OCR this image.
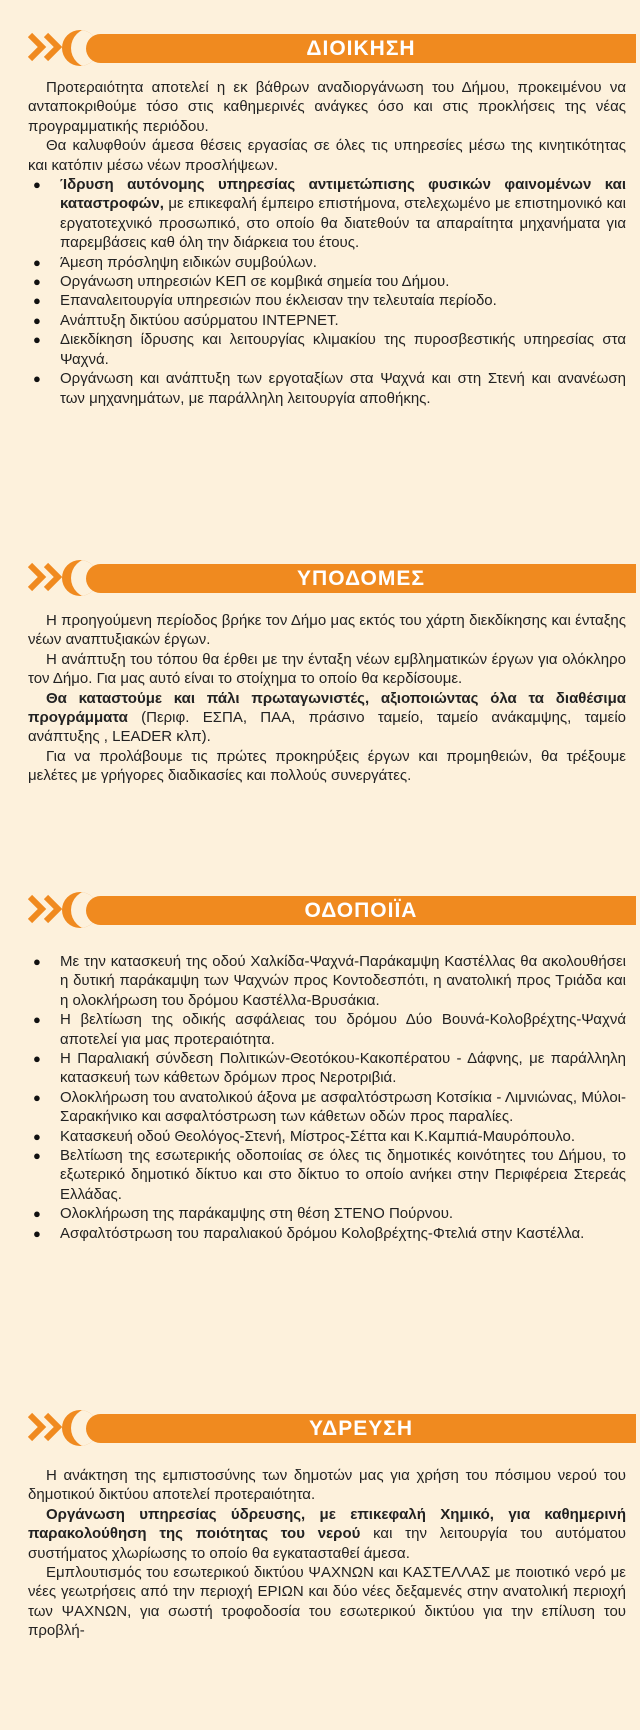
ΔΙΟΙΚΗΣΗ

Προτεραιότητα αποτελεί η εκ βάθρων αναδιοργάνωση του Δήμου, προκειμένου να ανταποκριθούμε τόσο στις καθημερινές ανάγκες όσο και στις προκλήσεις της νέας προγραμματικής περιόδου.

Θα καλυφθούν άμεσα θέσεις εργασίας σε όλες τις υπηρεσίες μέσω της κινητικότητας και κατόπιν μέσω νέων προσλήψεων.

● Ίδρυση αυτόνομης υπηρεσίας αντιμετώπισης φυσικών φαινομένων και καταστροφών, με επικεφαλή έμπειρο επιστήμονα, στελεχωμένο με επιστημονικό και εργατοτεχνικό προσωπικό, στο οποίο θα διατεθούν τα απαραίτητα μηχανήματα για παρεμβάσεις καθ όλη την διάρκεια του έτους.
● Άμεση πρόσληψη ειδικών συμβούλων.
● Οργάνωση υπηρεσιών ΚΕΠ σε κομβικά σημεία του Δήμου.
● Επαναλειτουργία υπηρεσιών που έκλεισαν την τελευταία περίοδο.
● Ανάπτυξη δικτύου ασύρματου INTEPNET.
● Διεκδίκηση ίδρυσης και λειτουργίας κλιμακίου της πυροσβεστικής υπηρεσίας στα Ψαχνά.
● Οργάνωση και ανάπτυξη των εργοταξίων στα Ψαχνά και στη Στενή και ανανέωση των μηχανημάτων, με παράλληλη λειτουργία αποθήκης.
ΥΠΟΔΟΜΕΣ

Η προηγούμενη περίοδος βρήκε τον Δήμο μας εκτός του χάρτη διεκδίκησης και ένταξης νέων αναπτυξιακών έργων.

Η ανάπτυξη του τόπου θα έρθει με την ένταξη νέων εμβληματικών έργων για ολόκληρο τον Δήμο. Για μας αυτό είναι το στοίχημα το οποίο θα κερδίσουμε.

Θα καταστούμε και πάλι πρωταγωνιστές, αξιοποιώντας όλα τα διαθέσιμα προγράμματα (Περιφ. ΕΣΠΑ, ΠΑΑ, πράσινο ταμείο, ταμείο ανάκαμψης, ταμείο ανάπτυξης , LEADER κλπ).

Για να προλάβουμε τις πρώτες προκηρύξεις έργων και προμηθειών, θα τρέξουμε μελέτες με γρήγορες διαδικασίες και πολλούς συνεργάτες.

ΟΔΟΠΟΙΪΑ
● Με την κατασκευή της οδού Χαλκίδα-Ψαχνά-Παράκαμψη Καστέλλας θα ακολουθήσει η δυτική παράκαμψη των Ψαχνών προς Κοντοδεσπότι, η ανατολική προς Τριάδα και η ολοκλήρωση του δρόμου Καστέλλα-Βρυσάκια.
● Η βελτίωση της οδικής ασφάλειας του δρόμου Δύο Βουνά-Κολοβρέχτης-Ψαχνά αποτελεί για μας προτεραιότητα.
● Η Παραλιακή σύνδεση Πολιτικών-Θεοτόκου-Κακοπέρατου - Δάφνης, με παράλληλη κατασκευή των κάθετων δρόμων προς Νεροτριβιά.
● Ολοκλήρωση του ανατολικού άξονα με ασφαλτόστρωση Κοτσίκια - Λιμνιώνας, Μύλοι-Σαρακήνικο και ασφαλτόστρωση των κάθετων οδών προς παραλίες.
● Κατασκευή οδού Θεολόγος-Στενή, Μίστρος-Σέττα και Κ.Καμπιά-Μαυρόπουλο.
● Βελτίωση της εσωτερικής οδοποιίας σε όλες τις δημοτικές κοινότητες του Δήμου, το εξωτερικό δημοτικό δίκτυο και στο δίκτυο το οποίο ανήκει στην Περιφέρεια Στερεάς Ελλάδας.
● Ολοκλήρωση της παράκαμψης στη θέση ΣΤΕΝΟ Πούρνου.
● Ασφαλτόστρωση του παραλιακού δρόμου Κολοβρέχτης-Φτελιά στην Καστέλλα.
ΥΔΡΕΥΣΗ

Η ανάκτηση της εμπιστοσύνης των δημοτών μας για χρήση του πόσιμου νερού του δημοτικού δικτύου αποτελεί προτεραιότητα.

Οργάνωση υπηρεσίας ύδρευσης, με επικεφαλή Χημικό, για καθημερινή παρακολούθηση της ποιότητας του νερού και την λειτουργία του αυτόματου συστήματος χλωρίωσης το οποίο θα εγκατασταθεί άμεσα.

Εμπλουτισμός του εσωτερικού δικτύου ΨΑΧΝΩΝ και ΚΑΣΤΕΛΛΑΣ με ποιοτικό νερό με νέες γεωτρήσεις από την περιοχή ΕΡΙΩΝ και δύο νέες δεξαμενές στην ανατολική περιοχή των ΨΑΧΝΩΝ, για σωστή τροφοδοσία του εσωτερικού δικτύου για την επίλυση του προβλή-
